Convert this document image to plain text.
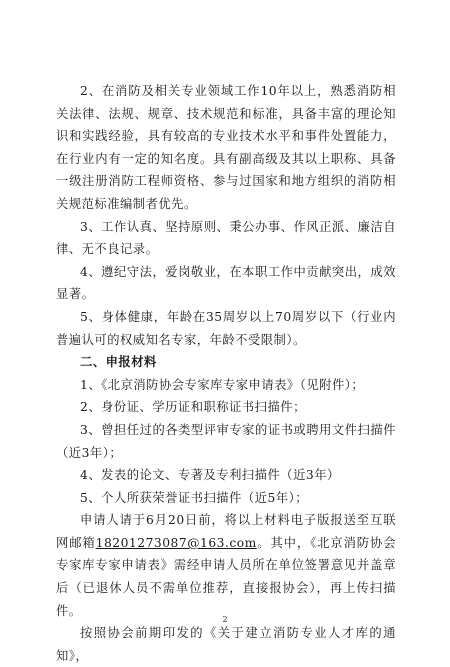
2、在消防及相关专业领域工作10年以上，熟悉消防相关法律、法规、规章、技术规范和标准，具备丰富的理论知识和实践经验，具有较高的专业技术水平和事件处置能力，在行业内有一定的知名度。具有副高级及其以上职称、具备一级注册消防工程师资格、参与过国家和地方组织的消防相关规范标准编制者优先。

3、工作认真、坚持原则、秉公办事、作风正派、廉洁自律、无不良记录。

4、遵纪守法，爱岗敬业，在本职工作中贡献突出，成效显著。

5、身体健康，年龄在35周岁以上70周岁以下（行业内普遍认可的权威知名专家，年龄不受限制）。

二、申报材料

1、《北京消防协会专家库专家申请表》（见附件）；

2、身份证、学历证和职称证书扫描件；

3、曾担任过的各类型评审专家的证书或聘用文件扫描件（近3年）；

4、发表的论文、专著及专利扫描件（近3年）

5、个人所获荣誉证书扫描件（近5年）；

申请人请于6月20日前，将以上材料电子版报送至互联网邮箱18201273087@163.com。其中，《北京消防协会专家库专家申请表》需经申请人员所在单位签署意见并盖章后（已退休人员不需单位推荐，直接报协会），再上传扫描件。

按照协会前期印发的《关于建立消防专业人才库的通知》，

2
